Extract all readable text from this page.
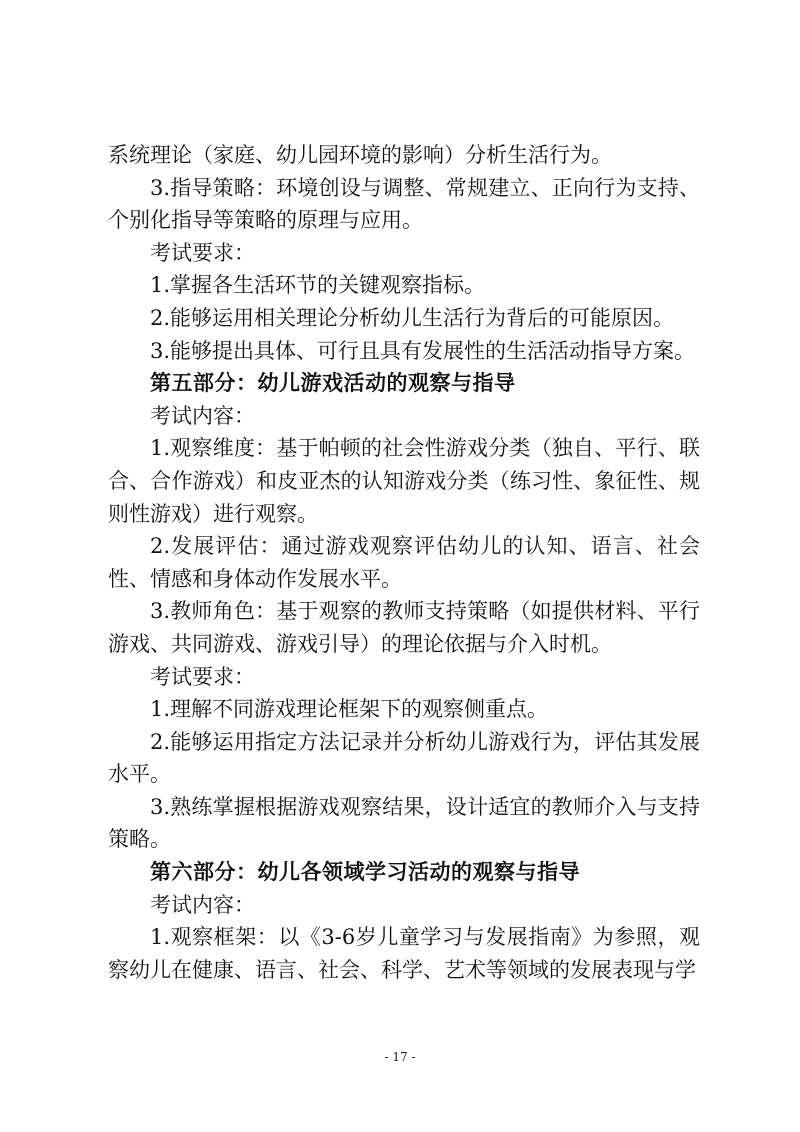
系统理论（家庭、幼儿园环境的影响）分析生活行为。

3.指导策略：环境创设与调整、常规建立、正向行为支持、个别化指导等策略的原理与应用。

考试要求：

1.掌握各生活环节的关键观察指标。

2.能够运用相关理论分析幼儿生活行为背后的可能原因。

3.能够提出具体、可行且具有发展性的生活活动指导方案。

第五部分：幼儿游戏活动的观察与指导

考试内容：

1.观察维度：基于帕顿的社会性游戏分类（独自、平行、联合、合作游戏）和皮亚杰的认知游戏分类（练习性、象征性、规则性游戏）进行观察。

2.发展评估：通过游戏观察评估幼儿的认知、语言、社会性、情感和身体动作发展水平。

3.教师角色：基于观察的教师支持策略（如提供材料、平行游戏、共同游戏、游戏引导）的理论依据与介入时机。

考试要求：

1.理解不同游戏理论框架下的观察侧重点。

2.能够运用指定方法记录并分析幼儿游戏行为，评估其发展水平。

3.熟练掌握根据游戏观察结果，设计适宜的教师介入与支持策略。

第六部分：幼儿各领域学习活动的观察与指导

考试内容：

1.观察框架：以《3-6岁儿童学习与发展指南》为参照，观察幼儿在健康、语言、社会、科学、艺术等领域的发展表现与学

- 17 -
